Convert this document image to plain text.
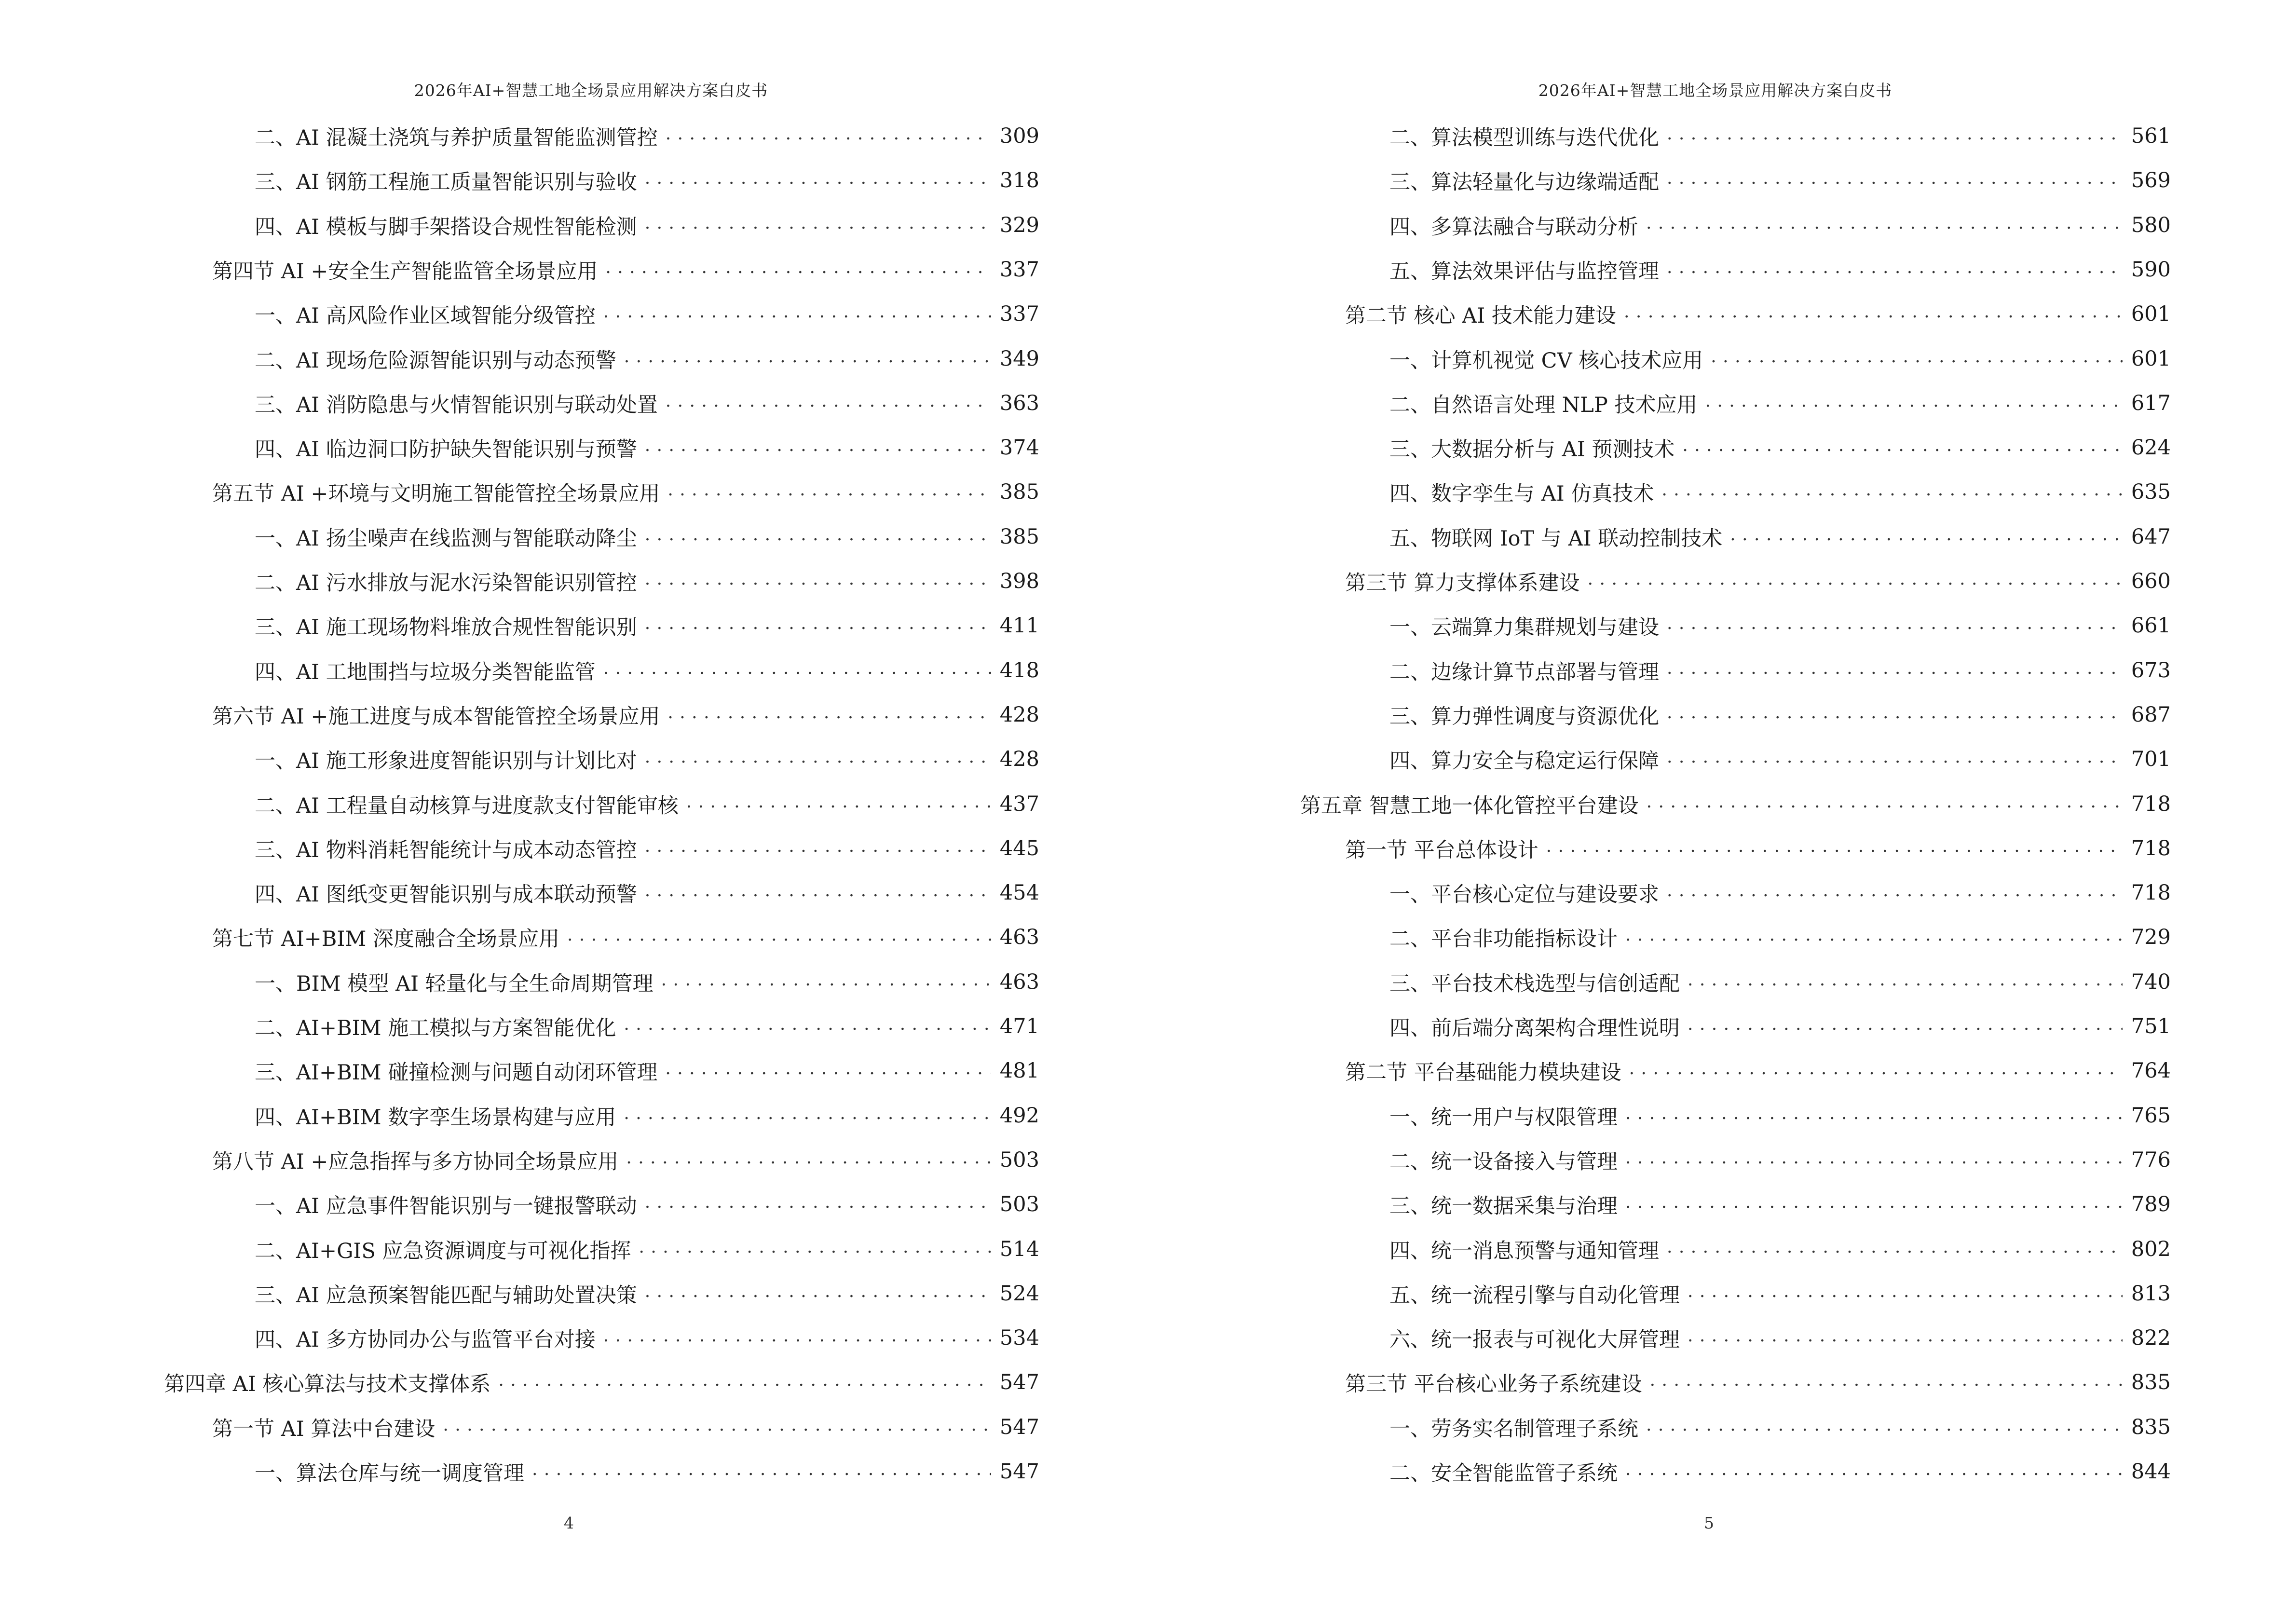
2026年AI+智慧工地全场景应用解决方案白皮书
二、AI 混凝土浇筑与养护质量智能监测管控 . . .	309
三、AI 钢筋工程施工质量智能识别与验收 . . .	318
四、AI 模板与脚手架搭设合规性智能检测 . . .	329
第四节 AI +安全生产智能监管全场景应用 . . .	337
一、AI 高风险作业区域智能分级管控 . . .	337
二、AI 现场危险源智能识别与动态预警 . . .	349
三、AI 消防隐患与火情智能识别与联动处置 . . .	363
四、AI 临边洞口防护缺失智能识别与预警 . . .	374
第五节 AI +环境与文明施工智能管控全场景应用 . . .	385
一、AI 扬尘噪声在线监测与智能联动降尘 . . .	385
二、AI 污水排放与泥水污染智能识别管控 . . .	398
三、AI 施工现场物料堆放合规性智能识别 . . .	411
四、AI 工地围挡与垃圾分类智能监管 . . .	418
第六节 AI +施工进度与成本智能管控全场景应用 . . .	428
一、AI 施工形象进度智能识别与计划比对 . . .	428
二、AI 工程量自动核算与进度款支付智能审核 . . .	437
三、AI 物料消耗智能统计与成本动态管控 . . .	445
四、AI 图纸变更智能识别与成本联动预警 . . .	454
第七节 AI+BIM 深度融合全场景应用 . . .	463
一、BIM 模型 AI 轻量化与全生命周期管理 . . .	463
二、AI+BIM 施工模拟与方案智能优化 . . .	471
三、AI+BIM 碰撞检测与问题自动闭环管理 . . .	481
四、AI+BIM 数字孪生场景构建与应用 . . .	492
第八节 AI +应急指挥与多方协同全场景应用 . . .	503
一、AI 应急事件智能识别与一键报警联动 . . .	503
二、AI+GIS 应急资源调度与可视化指挥 . . .	514
三、AI 应急预案智能匹配与辅助处置决策 . . .	524
四、AI 多方协同办公与监管平台对接 . . .	534
第四章 AI 核心算法与技术支撑体系 . . .	547
第一节 AI 算法中台建设 . . .	547
一、算法仓库与统一调度管理 . . .	547
4
2026年AI+智慧工地全场景应用解决方案白皮书
二、算法模型训练与迭代优化 . . .	561
三、算法轻量化与边缘端适配 . . .	569
四、多算法融合与联动分析 . . .	580
五、算法效果评估与监控管理 . . .	590
第二节 核心 AI 技术能力建设 . . .	601
一、计算机视觉 CV 核心技术应用 . . .	601
二、自然语言处理 NLP 技术应用 . . .	617
三、大数据分析与 AI 预测技术 . . .	624
四、数字孪生与 AI 仿真技术 . . .	635
五、物联网 IoT 与 AI 联动控制技术 . . .	647
第三节 算力支撑体系建设 . . .	660
一、云端算力集群规划与建设 . . .	661
二、边缘计算节点部署与管理 . . .	673
三、算力弹性调度与资源优化 . . .	687
四、算力安全与稳定运行保障 . . .	701
第五章 智慧工地一体化管控平台建设 . . .	718
第一节 平台总体设计 . . .	718
一、平台核心定位与建设要求 . . .	718
二、平台非功能指标设计 . . .	729
三、平台技术栈选型与信创适配 . . .	740
四、前后端分离架构合理性说明 . . .	751
第二节 平台基础能力模块建设 . . .	764
一、统一用户与权限管理 . . .	765
二、统一设备接入与管理 . . .	776
三、统一数据采集与治理 . . .	789
四、统一消息预警与通知管理 . . .	802
五、统一流程引擎与自动化管理 . . .	813
六、统一报表与可视化大屏管理 . . .	822
第三节 平台核心业务子系统建设 . . .	835
一、劳务实名制管理子系统 . . .	835
二、安全智能监管子系统 . . .	844
5
